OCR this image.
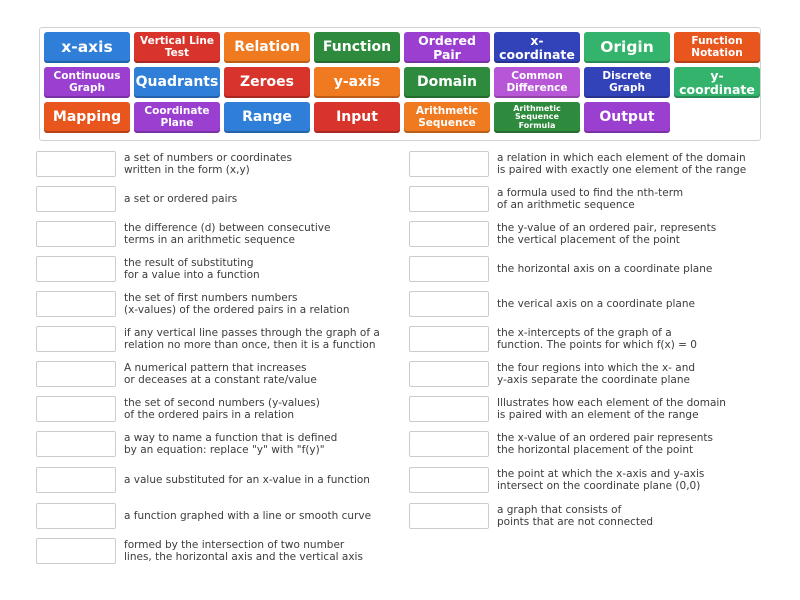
x-axis	Vertical Line Test	Relation	Function	Ordered Pair
x-coordinate	Origin	Function Notation
Continuous Graph	Quadrants	Zeroes	y-axis	Domain	Common Difference
Discrete Graph
y-coordinate
Mapping	Coordinate Plane	Range	Input	Arithmetic Sequence
Arithmetic Sequence Formula
Output
a set of numbers or coordinates
written in the form (x,y)
a set or ordered pairs
the difference (d) between consecutive
terms in an arithmetic sequence
the result of substituting
for a value into a function
the set of first numbers numbers
(x-values) of the ordered pairs in a relation
if any vertical line passes through the graph of a
relation no more than once, then it is a function
A numerical pattern that increases
or deceases at a constant rate/value
the set of second numbers (y-values)
of the ordered pairs in a relation
a way to name a function that is defined
by an equation: replace "y" with "f(y)"
a value substituted for an x-value in a function
a function graphed with a line or smooth curve
formed by the intersection of two number
lines, the horizontal axis and the vertical axis
a relation in which each element of the domain
is paired with exactly one element of the range
a formula used to find the nth-term
of an arithmetic sequence
the y-value of an ordered pair, represents
the vertical placement of the point
the horizontal axis on a coordinate plane
the verical axis on a coordinate plane
the x-intercepts of the graph of a
function. The points for which f(x) = 0
the four regions into which the x- and
y-axis separate the coordinate plane
Illustrates how each element of the domain
is paired with an element of the range
the x-value of an ordered pair represents
the horizontal placement of the point
the point at which the x-axis and y-axis
intersect on the coordinate plane (0,0)
a graph that consists of
points that are not connected
